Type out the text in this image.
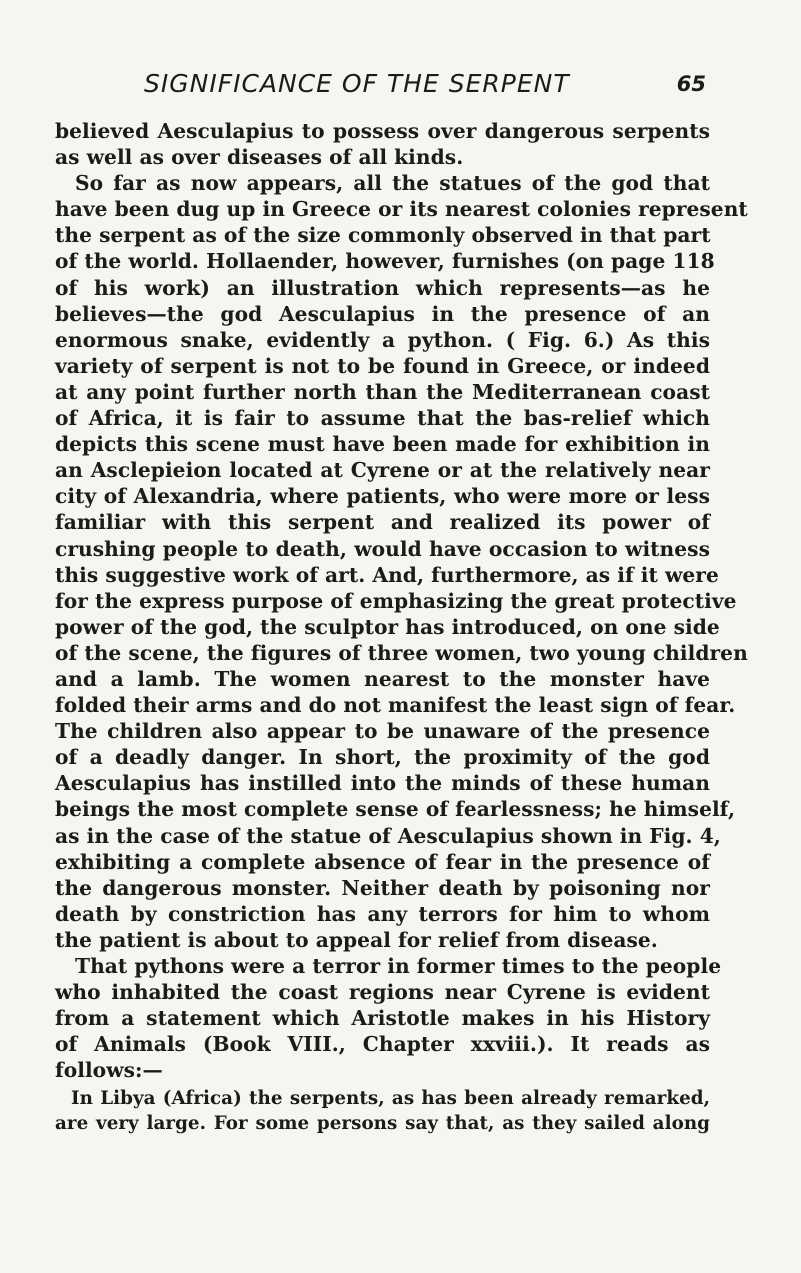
SIGNIFICANCE OF THE SERPENT	65
believed Aesculapius to possess over dangerous serpents
as well as over diseases of all kinds.
So far as now appears, all the statues of the god that
have been dug up in Greece or its nearest colonies represent
the serpent as of the size commonly observed in that part
of the world. Hollaender, however, furnishes (on page 118
of his work) an illustration which represents—as he
believes—the god Aesculapius in the presence of an
enormous snake, evidently a python. ( Fig. 6.) As this
variety of serpent is not to be found in Greece, or indeed
at any point further north than the Mediterranean coast
of Africa, it is fair to assume that the bas-relief which
depicts this scene must have been made for exhibition in
an Asclepieion located at Cyrene or at the relatively near
city of Alexandria, where patients, who were more or less
familiar with this serpent and realized its power of
crushing people to death, would have occasion to witness
this suggestive work of art. And, furthermore, as if it were
for the express purpose of emphasizing the great protective
power of the god, the sculptor has introduced, on one side
of the scene, the figures of three women, two young children
and a lamb. The women nearest to the monster have
folded their arms and do not manifest the least sign of fear.
The children also appear to be unaware of the presence
of a deadly danger. In short, the proximity of the god
Aesculapius has instilled into the minds of these human
beings the most complete sense of fearlessness; he himself,
as in the case of the statue of Aesculapius shown in Fig. 4,
exhibiting a complete absence of fear in the presence of
the dangerous monster. Neither death by poisoning nor
death by constriction has any terrors for him to whom
the patient is about to appeal for relief from disease.
That pythons were a terror in former times to the people
who inhabited the coast regions near Cyrene is evident
from a statement which Aristotle makes in his History
of Animals (Book VIII., Chapter xxviii.). It reads as
follows:—
In Libya (Africa) the serpents, as has been already remarked,
are very large. For some persons say that, as they sailed along
